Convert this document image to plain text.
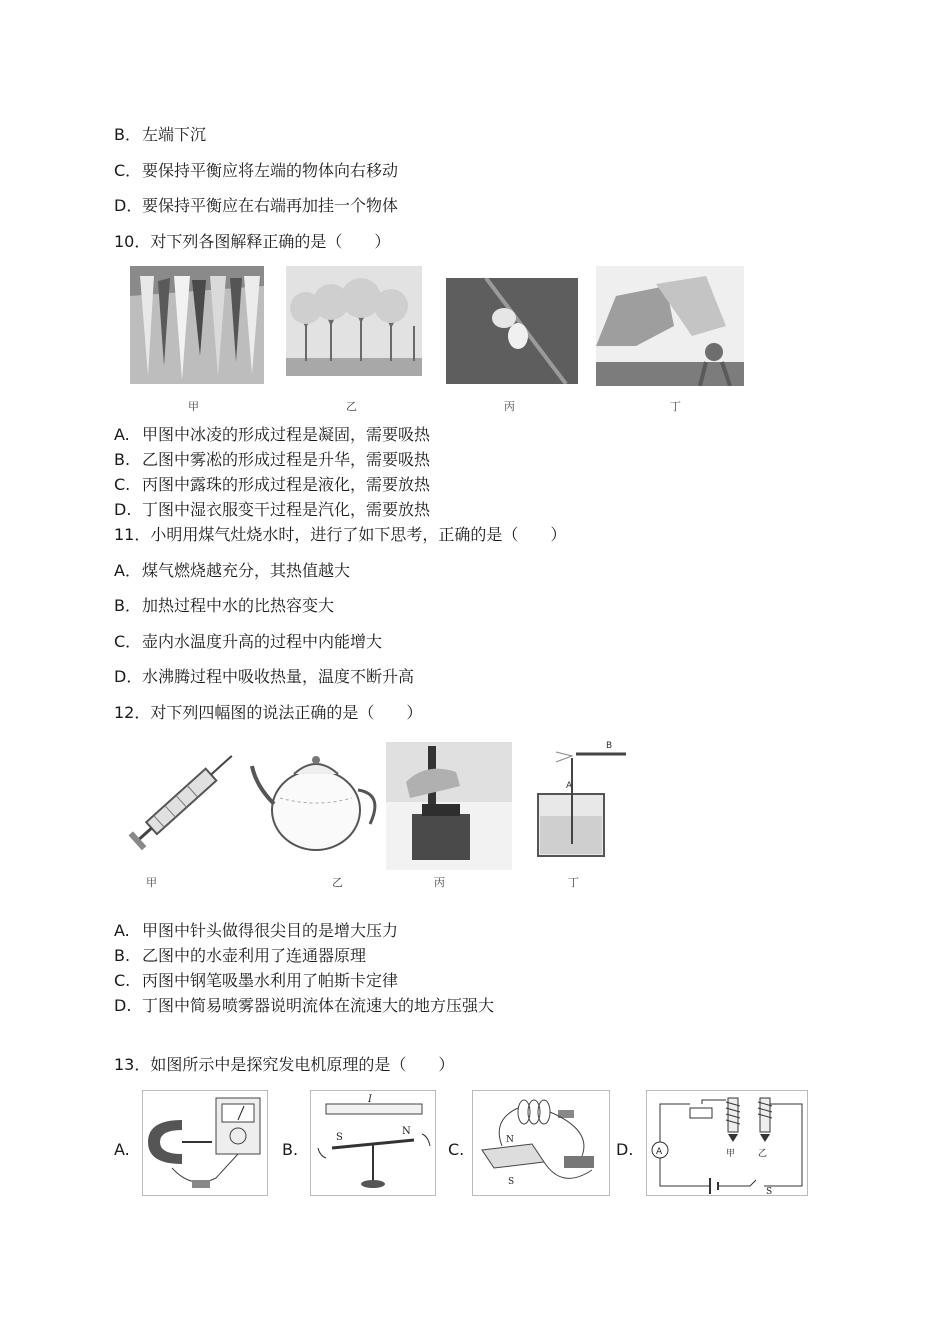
B．左端下沉
C．要保持平衡应将左端的物体向右移动
D．要保持平衡应在右端再加挂一个物体
10．对下列各图解释正确的是（　　）
甲	乙	丙	丁
A. 甲图中冰凌的形成过程是凝固，需要吸热
B. 乙图中雾凇的形成过程是升华，需要吸热
C. 丙图中露珠的形成过程是液化，需要放热
D. 丁图中湿衣服变干过程是汽化，需要放热
11．小明用煤气灶烧水时，进行了如下思考，正确的是（　　）
A．煤气燃烧越充分，其热值越大
B．加热过程中水的比热容变大
C．壶内水温度升高的过程中内能增大
D．水沸腾过程中吸收热量，温度不断升高
12．对下列四幅图的说法正确的是（　　）
甲	乙	丙
A
B
丁
A. 甲图中针头做得很尖目的是增大压力
B. 乙图中的水壶利用了连通器原理
C. 丙图中钢笔吸墨水利用了帕斯卡定律
D. 丁图中简易喷雾器说明流体在流速大的地方压强大
13．如图所示中是探究发电机原理的是（　　）
A.	B.
I
S
N
C.	N
S
D.	A	甲	乙
S
